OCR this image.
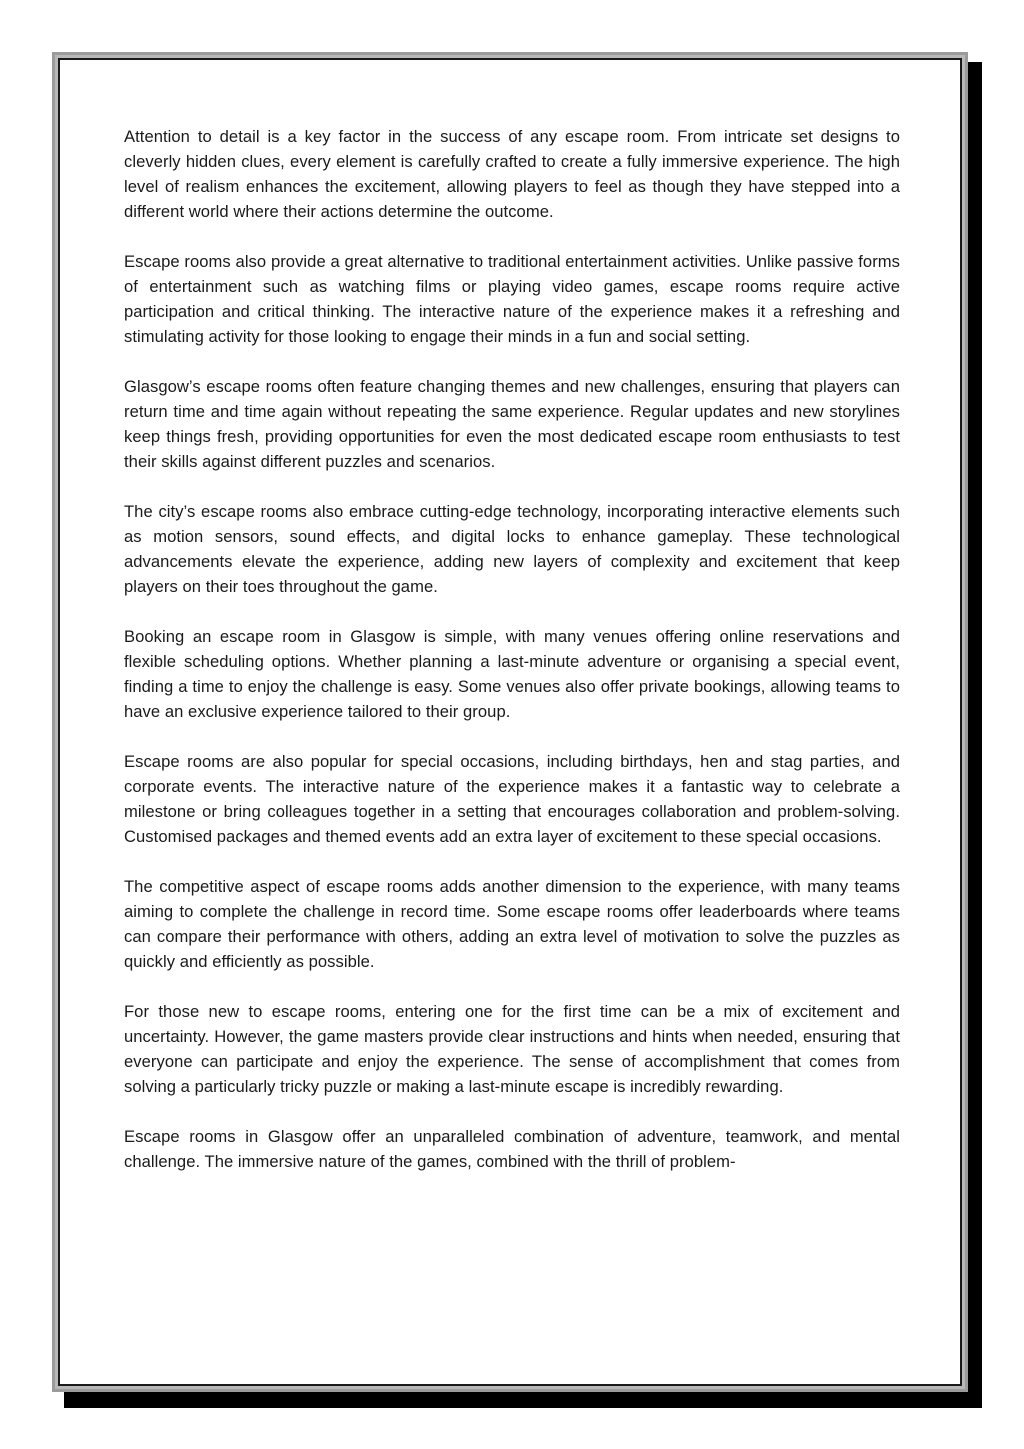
Attention to detail is a key factor in the success of any escape room. From intricate set designs to cleverly hidden clues, every element is carefully crafted to create a fully immersive experience. The high level of realism enhances the excitement, allowing players to feel as though they have stepped into a different world where their actions determine the outcome.

Escape rooms also provide a great alternative to traditional entertainment activities. Unlike passive forms of entertainment such as watching films or playing video games, escape rooms require active participation and critical thinking. The interactive nature of the experience makes it a refreshing and stimulating activity for those looking to engage their minds in a fun and social setting.

Glasgow’s escape rooms often feature changing themes and new challenges, ensuring that players can return time and time again without repeating the same experience. Regular updates and new storylines keep things fresh, providing opportunities for even the most dedicated escape room enthusiasts to test their skills against different puzzles and scenarios.

The city’s escape rooms also embrace cutting-edge technology, incorporating interactive elements such as motion sensors, sound effects, and digital locks to enhance gameplay. These technological advancements elevate the experience, adding new layers of complexity and excitement that keep players on their toes throughout the game.

Booking an escape room in Glasgow is simple, with many venues offering online reservations and flexible scheduling options. Whether planning a last-minute adventure or organising a special event, finding a time to enjoy the challenge is easy. Some venues also offer private bookings, allowing teams to have an exclusive experience tailored to their group.

Escape rooms are also popular for special occasions, including birthdays, hen and stag parties, and corporate events. The interactive nature of the experience makes it a fantastic way to celebrate a milestone or bring colleagues together in a setting that encourages collaboration and problem-solving. Customised packages and themed events add an extra layer of excitement to these special occasions.

The competitive aspect of escape rooms adds another dimension to the experience, with many teams aiming to complete the challenge in record time. Some escape rooms offer leaderboards where teams can compare their performance with others, adding an extra level of motivation to solve the puzzles as quickly and efficiently as possible.

For those new to escape rooms, entering one for the first time can be a mix of excitement and uncertainty. However, the game masters provide clear instructions and hints when needed, ensuring that everyone can participate and enjoy the experience. The sense of accomplishment that comes from solving a particularly tricky puzzle or making a last-minute escape is incredibly rewarding.

Escape rooms in Glasgow offer an unparalleled combination of adventure, teamwork, and mental challenge. The immersive nature of the games, combined with the thrill of problem-
